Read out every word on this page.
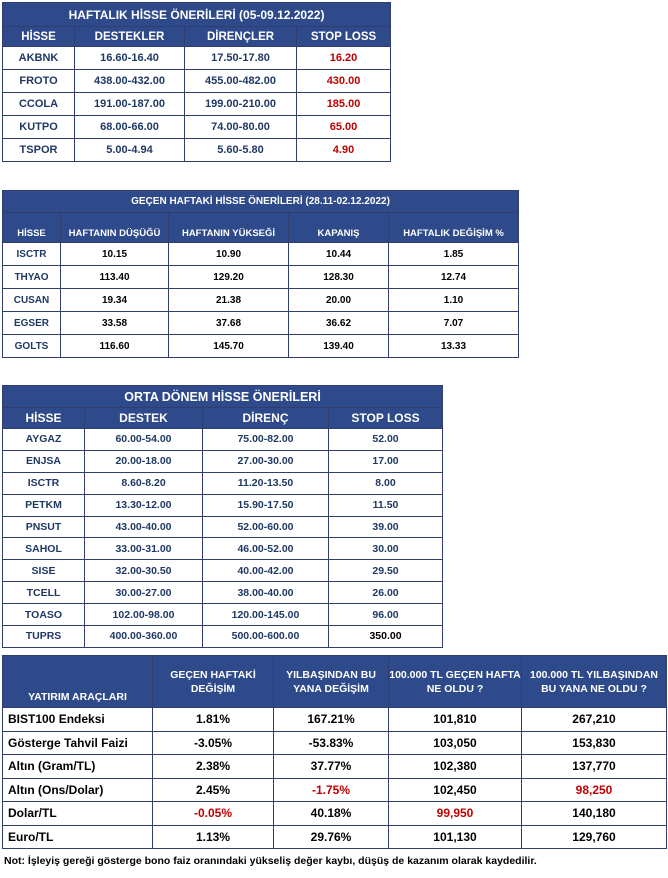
HAFTALIK HİSSE ÖNERİLERİ (05-09.12.2022)			
HİSSE	DESTEKLER	DİRENÇLER	STOP LOSS
AKBNK	16.60-16.40	17.50-17.80	16.20
FROTO	438.00-432.00	455.00-482.00	430.00
CCOLA	191.00-187.00	199.00-210.00	185.00
KUTPO	68.00-66.00	74.00-80.00	65.00
TSPOR	5.00-4.94	5.60-5.80	4.90
GEÇEN HAFTAKİ HİSSE ÖNERİLERİ (28.11-02.12.2022)				
HİSSE	HAFTANIN DÜŞÜĞÜ	HAFTANIN YÜKSEĞİ	KAPANIŞ	HAFTALIK DEĞİŞİM %
ISCTR	10.15	10.90	10.44	1.85
THYAO	113.40	129.20	128.30	12.74
CUSAN	19.34	21.38	20.00	1.10
EGSER	33.58	37.68	36.62	7.07
GOLTS	116.60	145.70	139.40	13.33
ORTA DÖNEM HİSSE ÖNERİLERİ			
HİSSE	DESTEK	DİRENÇ	STOP LOSS
AYGAZ	60.00-54.00	75.00-82.00	52.00
ENJSA	20.00-18.00	27.00-30.00	17.00
ISCTR	8.60-8.20	11.20-13.50	8.00
PETKM	13.30-12.00	15.90-17.50	11.50
PNSUT	43.00-40.00	52.00-60.00	39.00
SAHOL	33.00-31.00	46.00-52.00	30.00
SISE	32.00-30.50	40.00-42.00	29.50
TCELL	30.00-27.00	38.00-40.00	26.00
TOASO	102.00-98.00	120.00-145.00	96.00
TUPRS	400.00-360.00	500.00-600.00	350.00
YATIRIM ARAÇLARI	GEÇEN HAFTAKİ DEĞİŞİM	YILBAŞINDAN BU YANA DEĞİŞİM	100.000 TL GEÇEN HAFTA NE OLDU ?	100.000 TL YILBAŞINDAN BU YANA NE OLDU ?
BIST100 Endeksi	1.81%	167.21%	101,810	267,210
Gösterge Tahvil Faizi	-3.05%	-53.83%	103,050	153,830
Altın (Gram/TL)	2.38%	37.77%	102,380	137,770
Altın (Ons/Dolar)	2.45%	-1.75%	102,450	98,250
Dolar/TL	-0.05%	40.18%	99,950	140,180
Euro/TL	1.13%	29.76%	101,130	129,760
Not: İşleyiş gereği gösterge bono faiz oranındaki yükseliş değer kaybı, düşüş de kazanım olarak kaydedilir.
